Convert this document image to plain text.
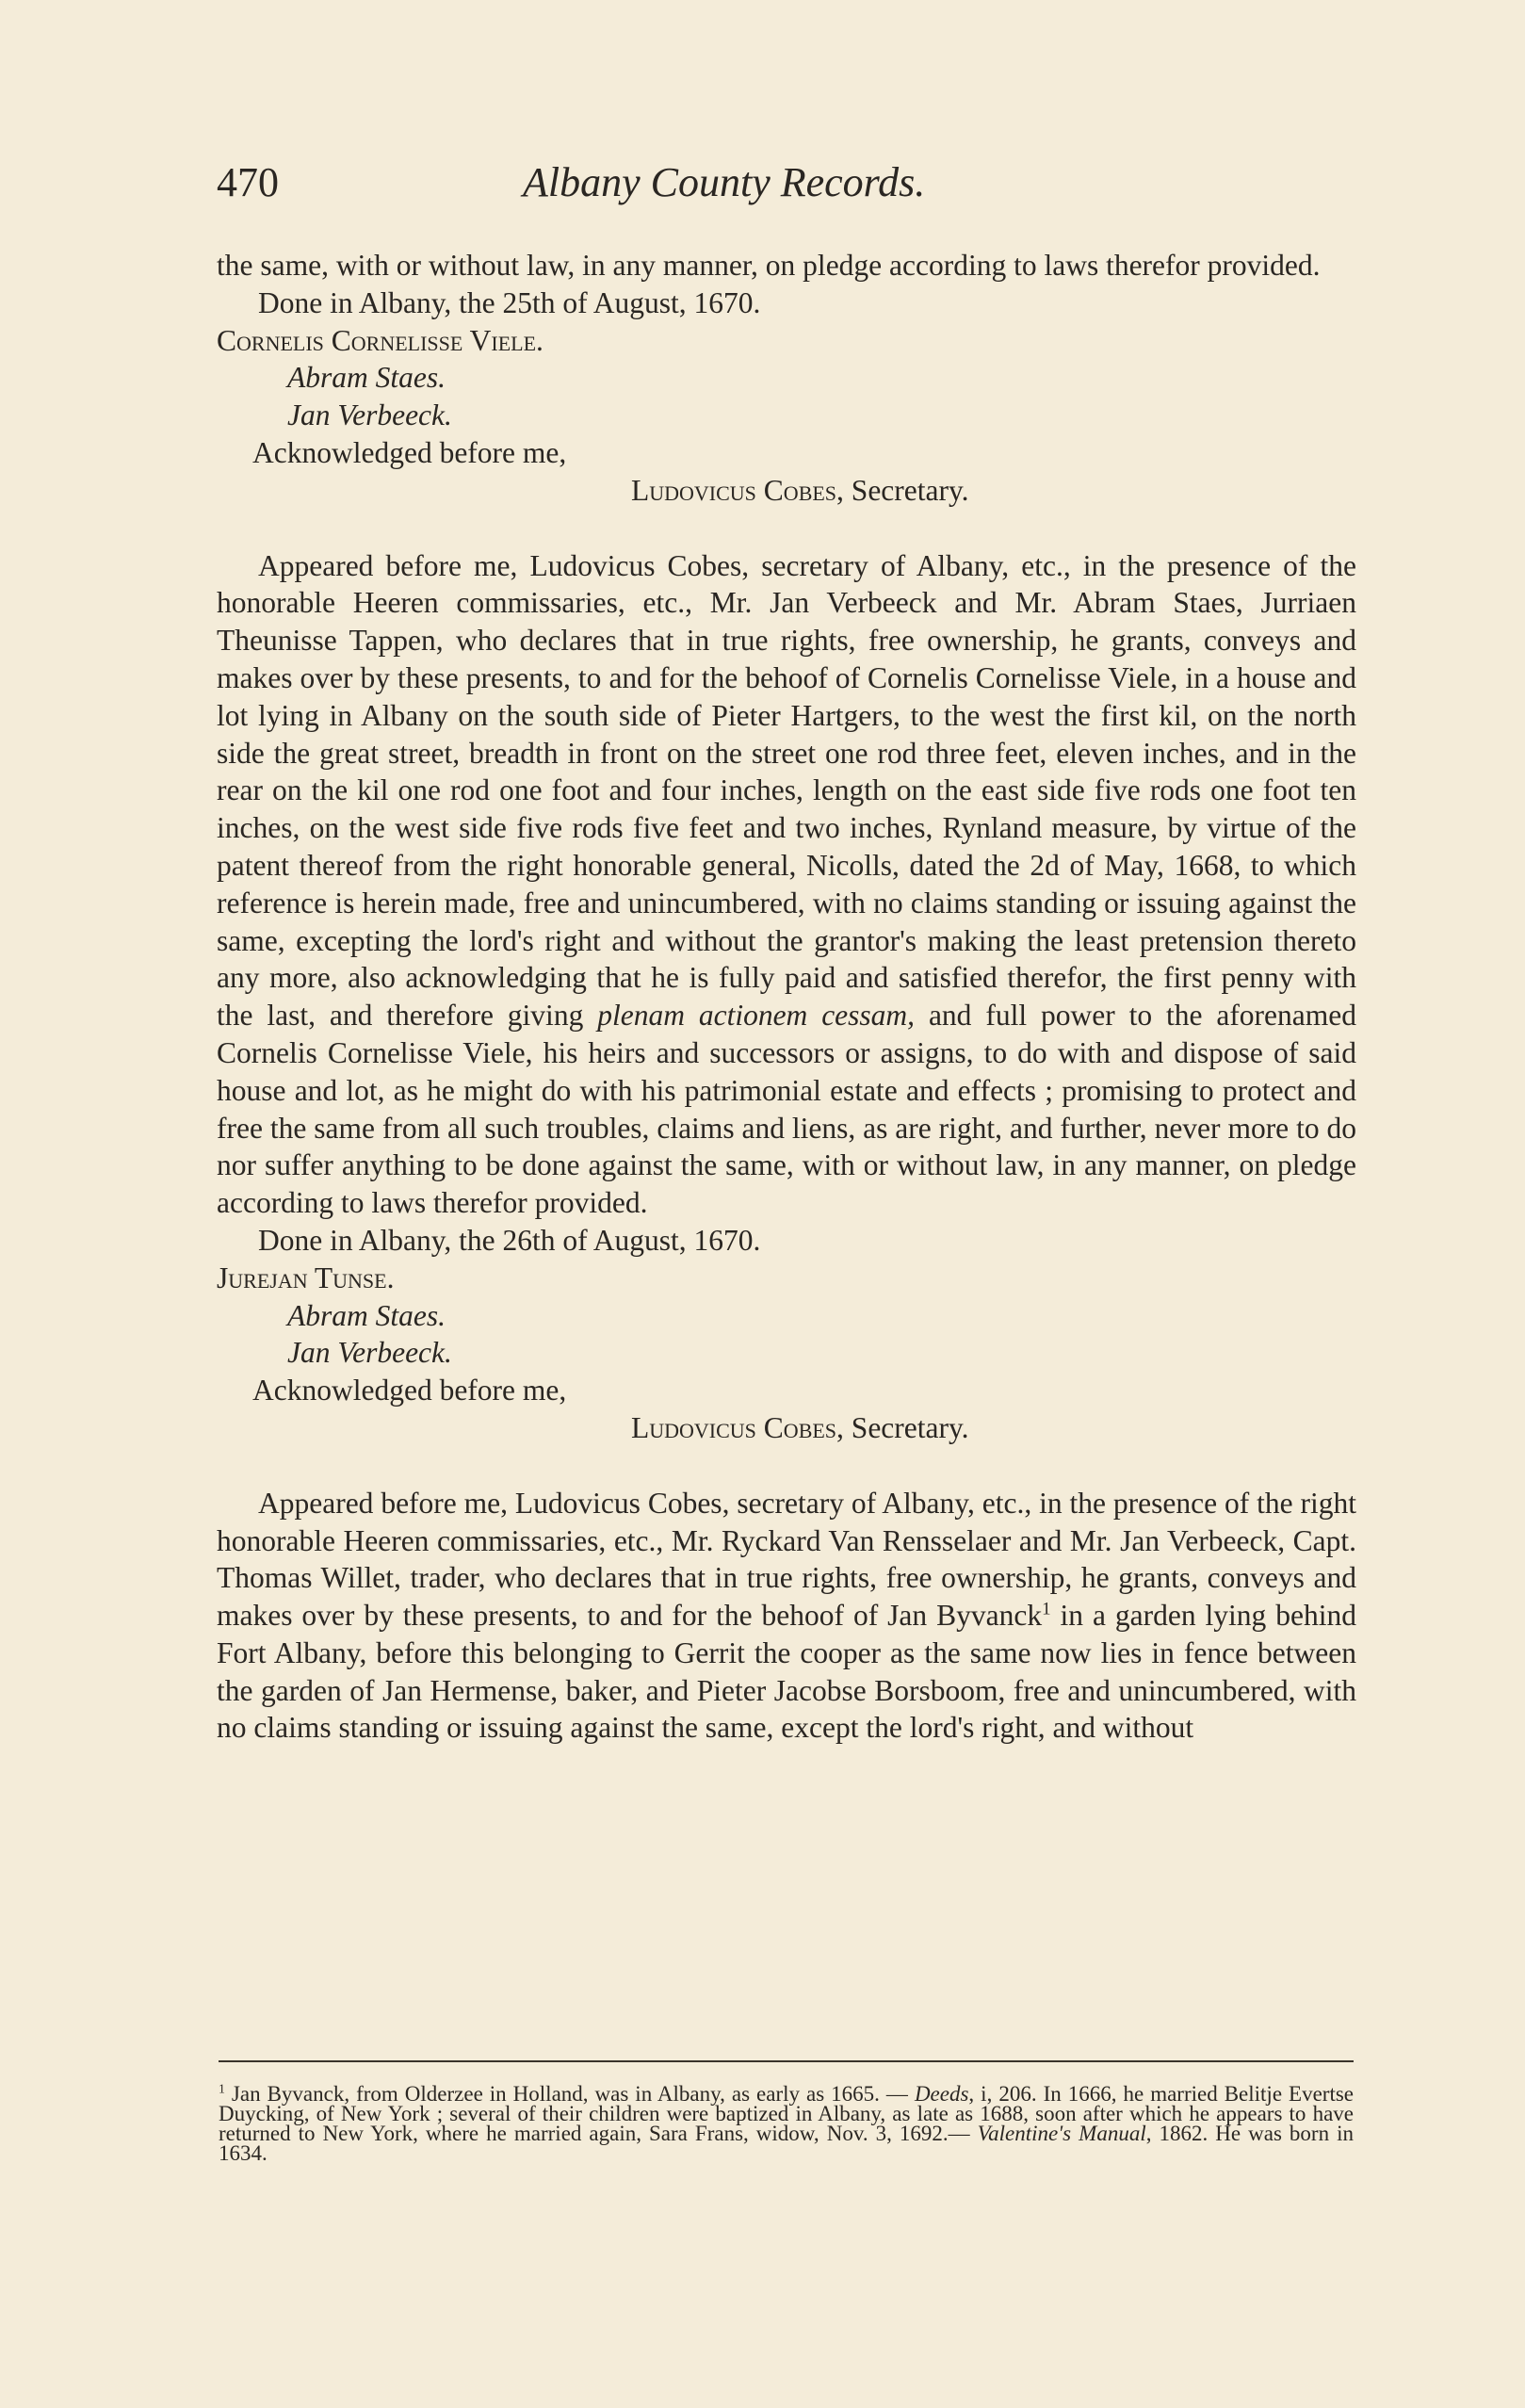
470	Albany County Records.

the same, with or without law, in any manner, on pledge according to laws therefor provided.

Done in Albany, the 25th of August, 1670.

Cornelis Cornelisse Viele.

Abram Staes.

Jan Verbeeck.

Acknowledged before me,

Ludovicus Cobes, Secretary.

Appeared before me, Ludovicus Cobes, secretary of Albany, etc., in the presence of the honorable Heeren commissaries, etc., Mr. Jan Verbeeck and Mr. Abram Staes, Jurriaen Theunisse Tappen, who declares that in true rights, free ownership, he grants, conveys and makes over by these presents, to and for the behoof of Cornelis Cornelisse Viele, in a house and lot lying in Albany on the south side of Pieter Hartgers, to the west the first kil, on the north side the great street, breadth in front on the street one rod three feet, eleven inches, and in the rear on the kil one rod one foot and four inches, length on the east side five rods one foot ten inches, on the west side five rods five feet and two inches, Rynland measure, by virtue of the patent thereof from the right honorable general, Nicolls, dated the 2d of May, 1668, to which reference is herein made, free and unincumbered, with no claims standing or issuing against the same, excepting the lord's right and without the grantor's making the least pretension thereto any more, also acknowledging that he is fully paid and satisfied therefor, the first penny with the last, and therefore giving plenam actionem cessam, and full power to the aforenamed Cornelis Cornelisse Viele, his heirs and successors or assigns, to do with and dispose of said house and lot, as he might do with his patrimonial estate and effects ; promising to protect and free the same from all such troubles, claims and liens, as are right, and further, never more to do nor suffer anything to be done against the same, with or without law, in any manner, on pledge according to laws therefor provided.

Done in Albany, the 26th of August, 1670.

Jurejan Tunse.

Abram Staes.

Jan Verbeeck.

Acknowledged before me,

Ludovicus Cobes, Secretary.

Appeared before me, Ludovicus Cobes, secretary of Albany, etc., in the presence of the right honorable Heeren commissaries, etc., Mr. Ryckard Van Rensselaer and Mr. Jan Verbeeck, Capt. Thomas Willet, trader, who declares that in true rights, free ownership, he grants, conveys and makes over by these presents, to and for the behoof of Jan Byvanck$^1$ in a garden lying behind Fort Albany, before this belonging to Gerrit the cooper as the same now lies in fence between the garden of Jan Hermense, baker, and Pieter Jacobse Borsboom, free and unincumbered, with no claims standing or issuing against the same, except the lord's right, and without

$^1$ Jan Byvanck, from Olderzee in Holland, was in Albany, as early as 1665. — Deeds, i, 206. In 1666, he married Belitje Evertse Duycking, of New York ; several of their children were baptized in Albany, as late as 1688, soon after which he appears to have returned to New York, where he married again, Sara Frans, widow, Nov. 3, 1692.— Valentine's Manual, 1862. He was born in 1634.
